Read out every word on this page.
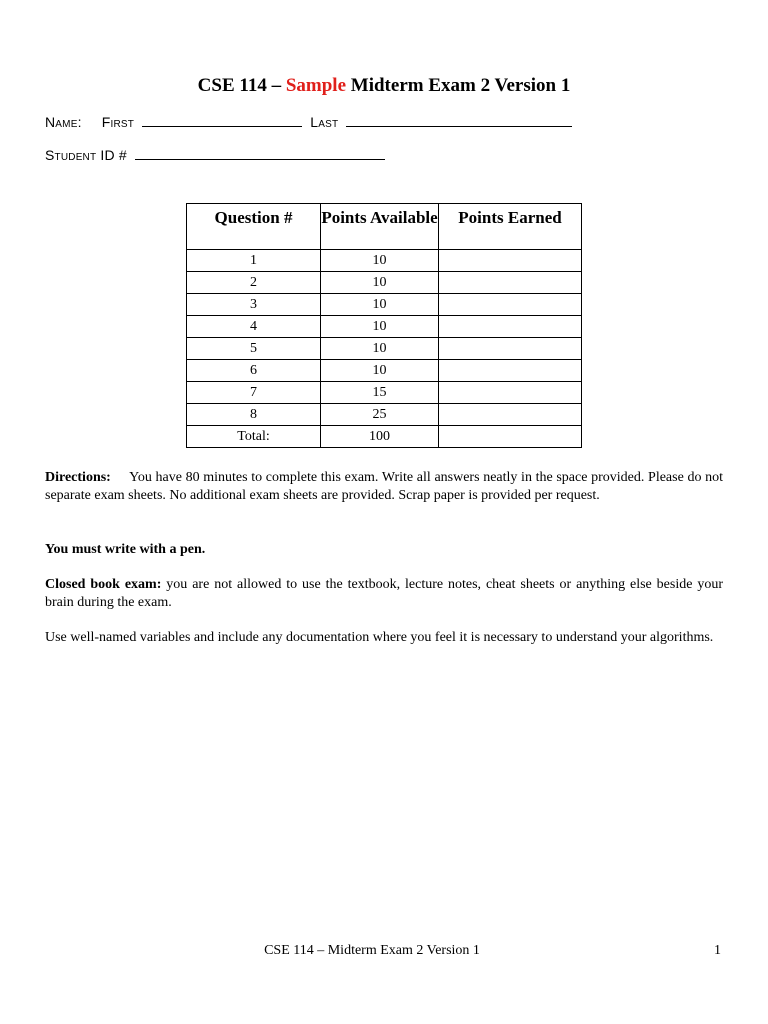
CSE 114 – Sample Midterm Exam 2 Version 1
Name: First	Last
Student ID #
Question #	Points Available	Points Earned
1	10	
2	10	
3	10	
4	10	
5	10	
6	10	
7	15	
8	25	
Total:	100	
Directions: You have 80 minutes to complete this exam. Write all answers neatly in the space provided. Please do not separate exam sheets. No additional exam sheets are provided. Scrap paper is provided per request.
You must write with a pen.
Closed book exam: you are not allowed to use the textbook, lecture notes, cheat sheets or anything else beside your brain during the exam.
Use well-named variables and include any documentation where you feel it is necessary to understand your algorithms.
CSE 114 – Midterm Exam 2 Version 1	1
